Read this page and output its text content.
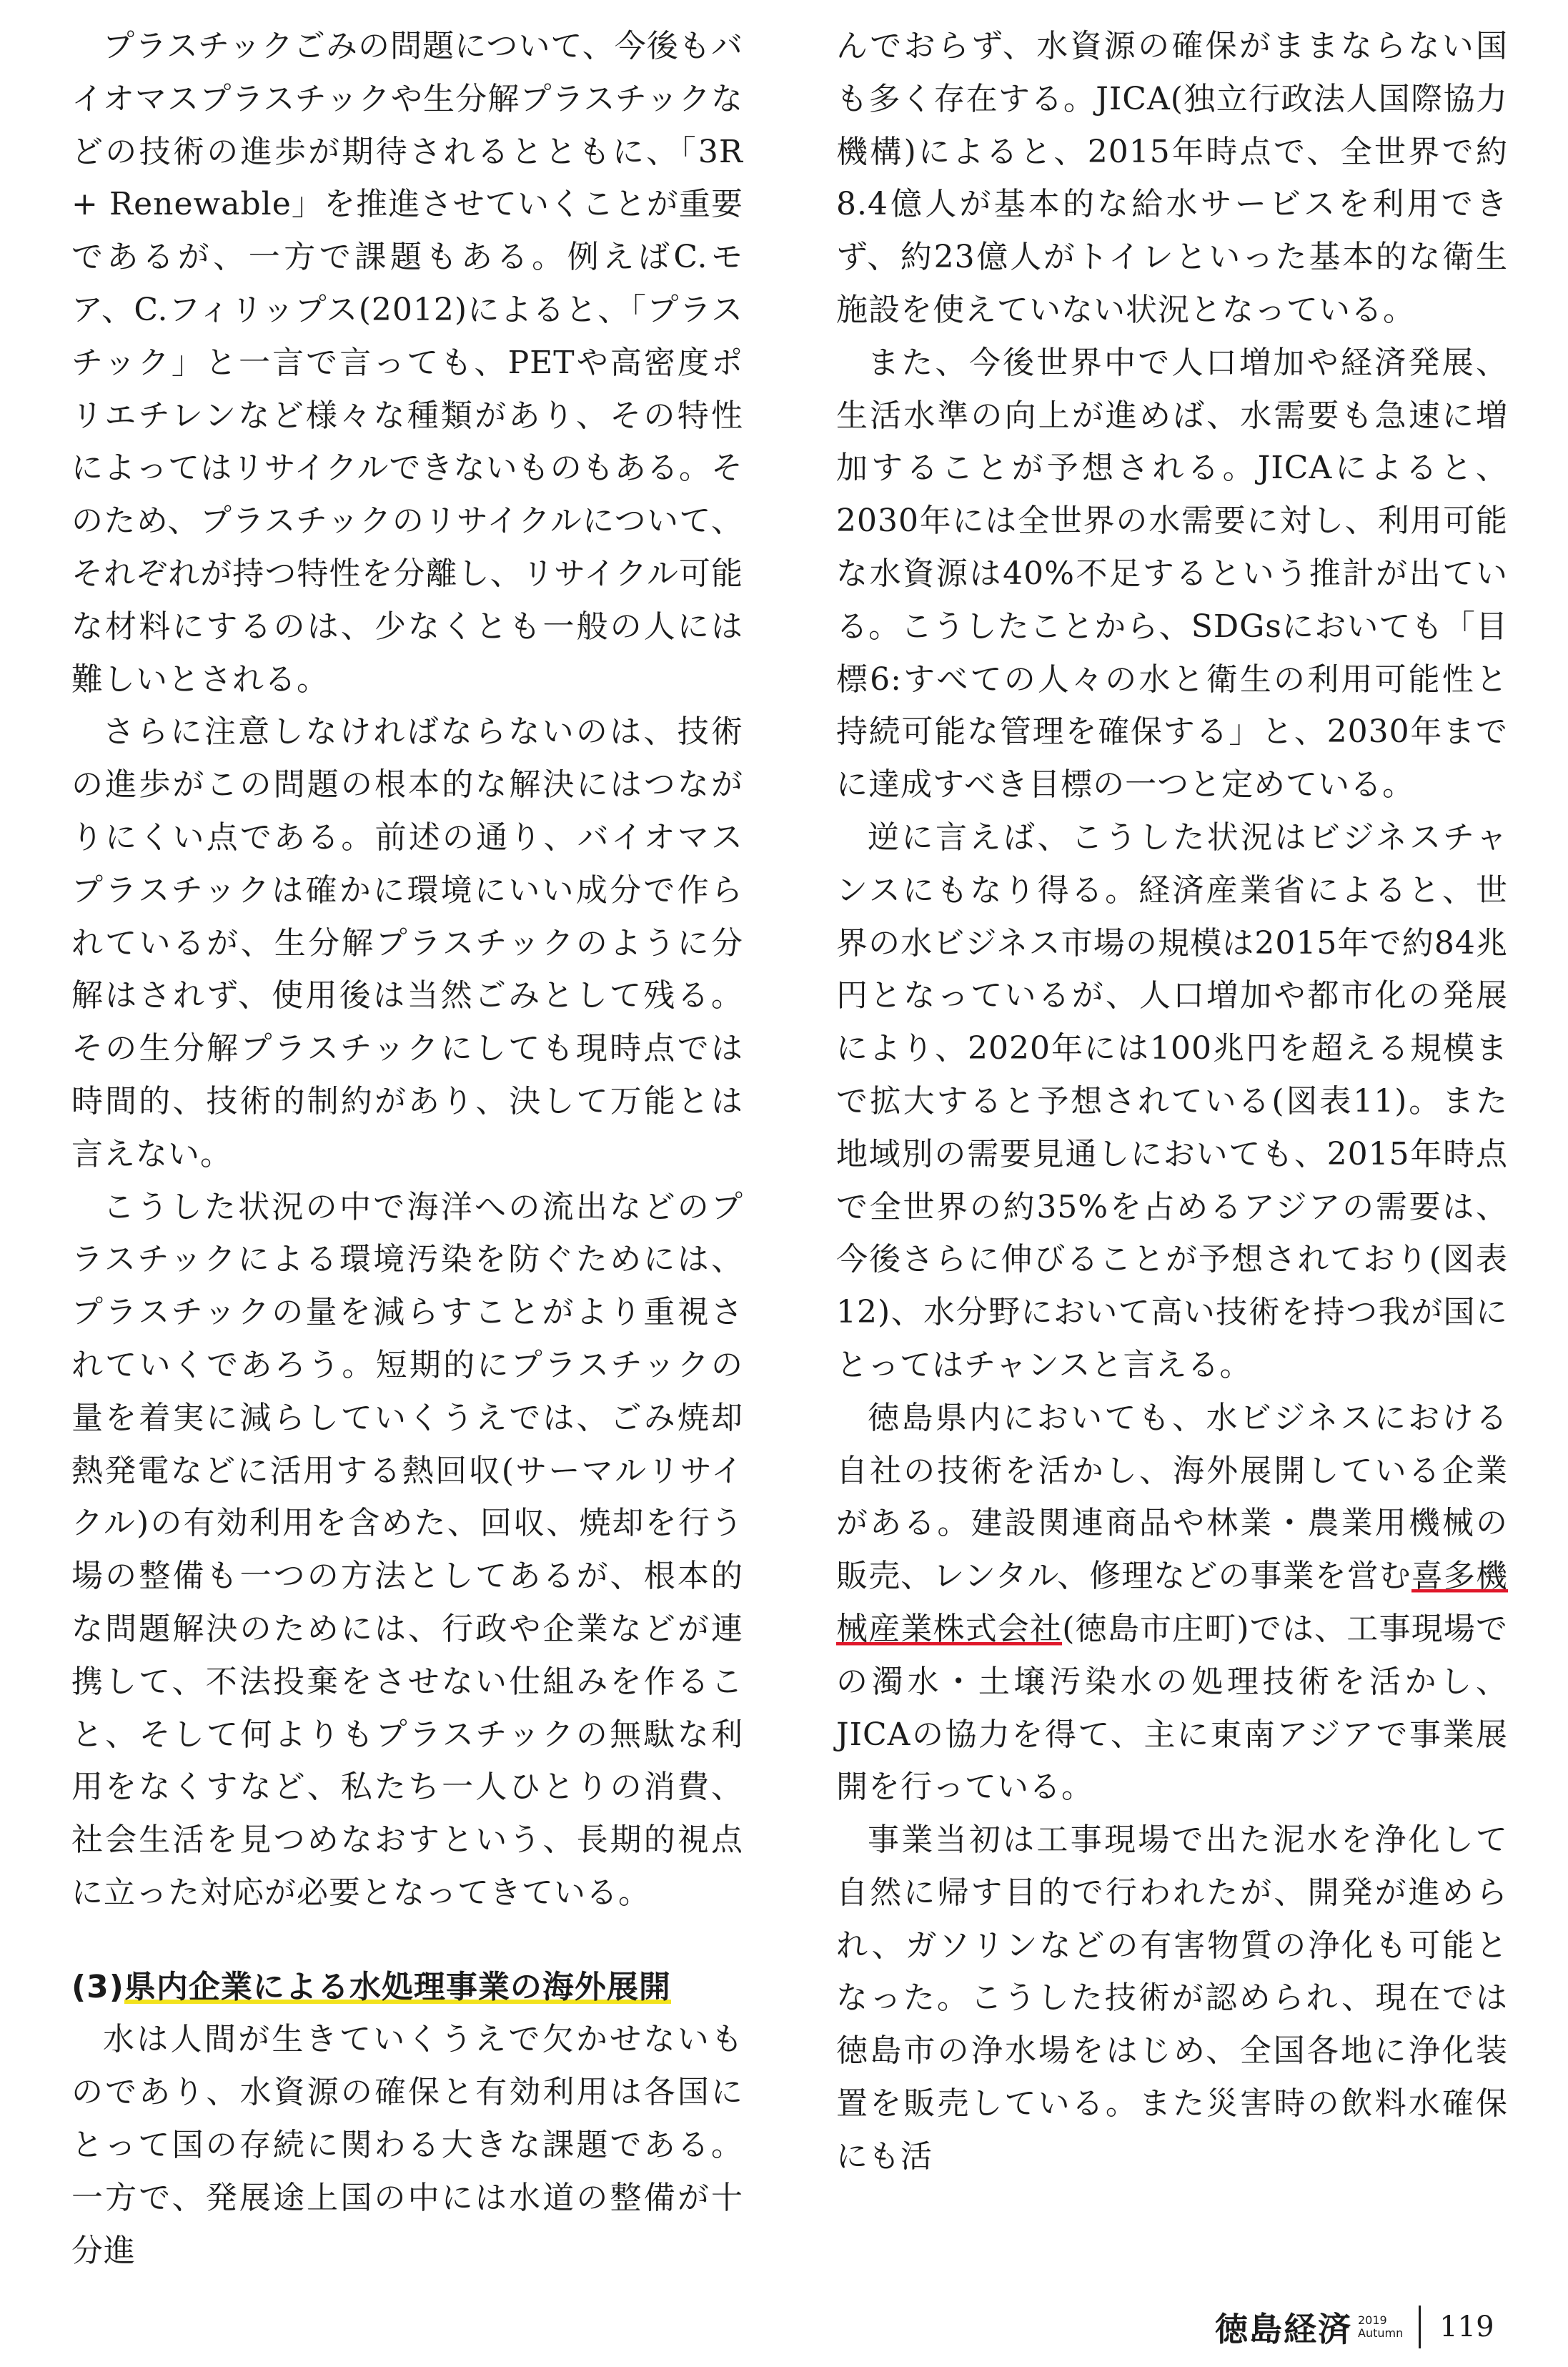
プラスチックごみの問題について、今後もバイオマスプラスチックや生分解プラスチックなどの技術の進歩が期待されるとともに、「3R + Renewable」を推進させていくことが重要であるが、一方で課題もある。例えばC.モア、C.フィリップス(2012)によると、「プラスチック」と一言で言っても、PETや高密度ポリエチレンなど様々な種類があり、その特性によってはリサイクルできないものもある。そのため、プラスチックのリサイクルについて、それぞれが持つ特性を分離し、リサイクル可能な材料にするのは、少なくとも一般の人には難しいとされる。

さらに注意しなければならないのは、技術の進歩がこの問題の根本的な解決にはつながりにくい点である。前述の通り、バイオマスプラスチックは確かに環境にいい成分で作られているが、生分解プラスチックのように分解はされず、使用後は当然ごみとして残る。その生分解プラスチックにしても現時点では時間的、技術的制約があり、決して万能とは言えない。

こうした状況の中で海洋への流出などのプラスチックによる環境汚染を防ぐためには、プラスチックの量を減らすことがより重視されていくであろう。短期的にプラスチックの量を着実に減らしていくうえでは、ごみ焼却熱発電などに活用する熱回収(サーマルリサイクル)の有効利用を含めた、回収、焼却を行う場の整備も一つの方法としてあるが、根本的な問題解決のためには、行政や企業などが連携して、不法投棄をさせない仕組みを作ること、そして何よりもプラスチックの無駄な利用をなくすなど、私たち一人ひとりの消費、社会生活を見つめなおすという、長期的視点に立った対応が必要となってきている。

(3)県内企業による水処理事業の海外展開

水は人間が生きていくうえで欠かせないものであり、水資源の確保と有効利用は各国にとって国の存続に関わる大きな課題である。一方で、発展途上国の中には水道の整備が十分進

んでおらず、水資源の確保がままならない国も多く存在する。JICA(独立行政法人国際協力機構)によると、2015年時点で、全世界で約8.4億人が基本的な給水サービスを利用できず、約23億人がトイレといった基本的な衛生施設を使えていない状況となっている。

また、今後世界中で人口増加や経済発展、生活水準の向上が進めば、水需要も急速に増加することが予想される。JICAによると、2030年には全世界の水需要に対し、利用可能な水資源は40%不足するという推計が出ている。こうしたことから、SDGsにおいても「目標6:すべての人々の水と衛生の利用可能性と持続可能な管理を確保する」と、2030年までに達成すべき目標の一つと定めている。

逆に言えば、こうした状況はビジネスチャンスにもなり得る。経済産業省によると、世界の水ビジネス市場の規模は2015年で約84兆円となっているが、人口増加や都市化の発展により、2020年には100兆円を超える規模まで拡大すると予想されている(図表11)。また地域別の需要見通しにおいても、2015年時点で全世界の約35%を占めるアジアの需要は、今後さらに伸びることが予想されており(図表12)、水分野において高い技術を持つ我が国にとってはチャンスと言える。

徳島県内においても、水ビジネスにおける自社の技術を活かし、海外展開している企業がある。建設関連商品や林業・農業用機械の販売、レンタル、修理などの事業を営む喜多機械産業株式会社(徳島市庄町)では、工事現場での濁水・土壌汚染水の処理技術を活かし、JICAの協力を得て、主に東南アジアで事業展開を行っている。

事業当初は工事現場で出た泥水を浄化して自然に帰す目的で行われたが、開発が進められ、ガソリンなどの有害物質の浄化も可能となった。こうした技術が認められ、現在では徳島市の浄水場をはじめ、全国各地に浄化装置を販売している。また災害時の飲料水確保にも活

徳島経済 2019
Autumn 119
